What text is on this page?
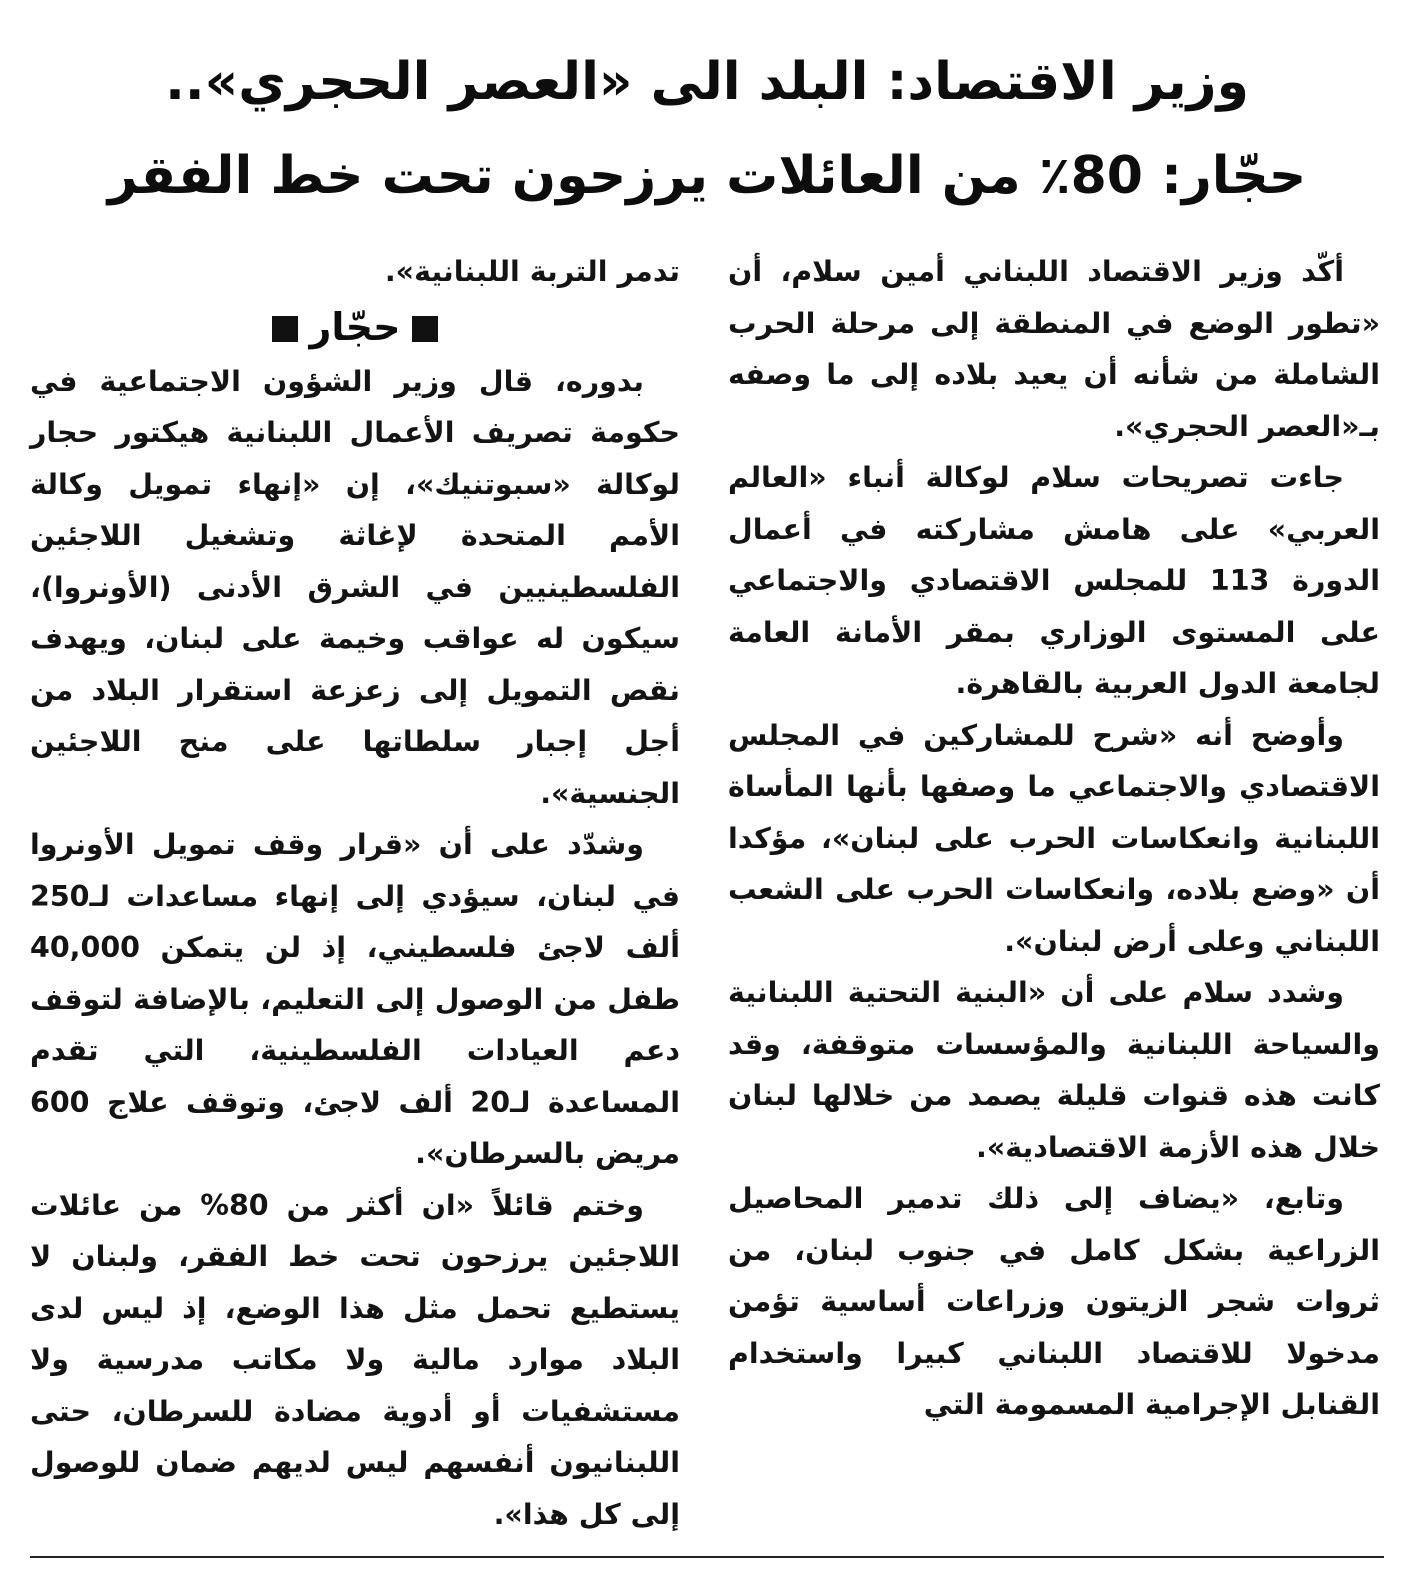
وزير الاقتصاد: البلد الى «العصر الحجري»..
حجّار: 80٪ من العائلات يرزحون تحت خط الفقر

أكّد وزير الاقتصاد اللبناني أمين سلام، أن «تطور الوضع في المنطقة إلى مرحلة الحرب الشاملة من شأنه أن يعيد بلاده إلى ما وصفه بـ«العصر الحجري».

جاءت تصريحات سلام لوكالة أنباء «العالم العربي» على هامش مشاركته في أعمال الدورة 113 للمجلس الاقتصادي والاجتماعي على المستوى الوزاري بمقر الأمانة العامة لجامعة الدول العربية بالقاهرة.

وأوضح أنه «شرح للمشاركين في المجلس الاقتصادي والاجتماعي ما وصفها بأنها المأساة اللبنانية وانعكاسات الحرب على لبنان»، مؤكدا أن «وضع بلاده، وانعكاسات الحرب على الشعب اللبناني وعلى أرض لبنان».

وشدد سلام على أن «البنية التحتية اللبنانية والسياحة اللبنانية والمؤسسات متوقفة، وقد كانت هذه قنوات قليلة يصمد من خلالها لبنان خلال هذه الأزمة الاقتصادية».

وتابع، «يضاف إلى ذلك تدمير المحاصيل الزراعية بشكل كامل في جنوب لبنان، من ثروات شجر الزيتون وزراعات أساسية تؤمن مدخولا للاقتصاد اللبناني كبيرا واستخدام القنابل الإجرامية المسمومة التي

تدمر التربة اللبنانية».

حجّار

بدوره، قال وزير الشؤون الاجتماعية في حكومة تصريف الأعمال اللبنانية هيكتور حجار لوكالة «سبوتنيك»، إن «إنهاء تمويل وكالة الأمم المتحدة لإغاثة وتشغيل اللاجئين الفلسطينيين في الشرق الأدنى (الأونروا)، سيكون له عواقب وخيمة على لبنان، ويهدف نقص التمويل إلى زعزعة استقرار البلاد من أجل إجبار سلطاتها على منح اللاجئين الجنسية».

وشدّد على أن «قرار وقف تمويل الأونروا في لبنان، سيؤدي إلى إنهاء مساعدات لـ250 ألف لاجئ فلسطيني، إذ لن يتمكن 40,000 طفل من الوصول إلى التعليم، بالإضافة لتوقف دعم العيادات الفلسطينية، التي تقدم المساعدة لـ20 ألف لاجئ، وتوقف علاج 600 مريض بالسرطان».

وختم قائلاً «ان أكثر من 80% من عائلات اللاجئين يرزحون تحت خط الفقر، ولبنان لا يستطيع تحمل مثل هذا الوضع، إذ ليس لدى البلاد موارد مالية ولا مكاتب مدرسية ولا مستشفيات أو أدوية مضادة للسرطان، حتى اللبنانيون أنفسهم ليس لديهم ضمان للوصول إلى كل هذا».
